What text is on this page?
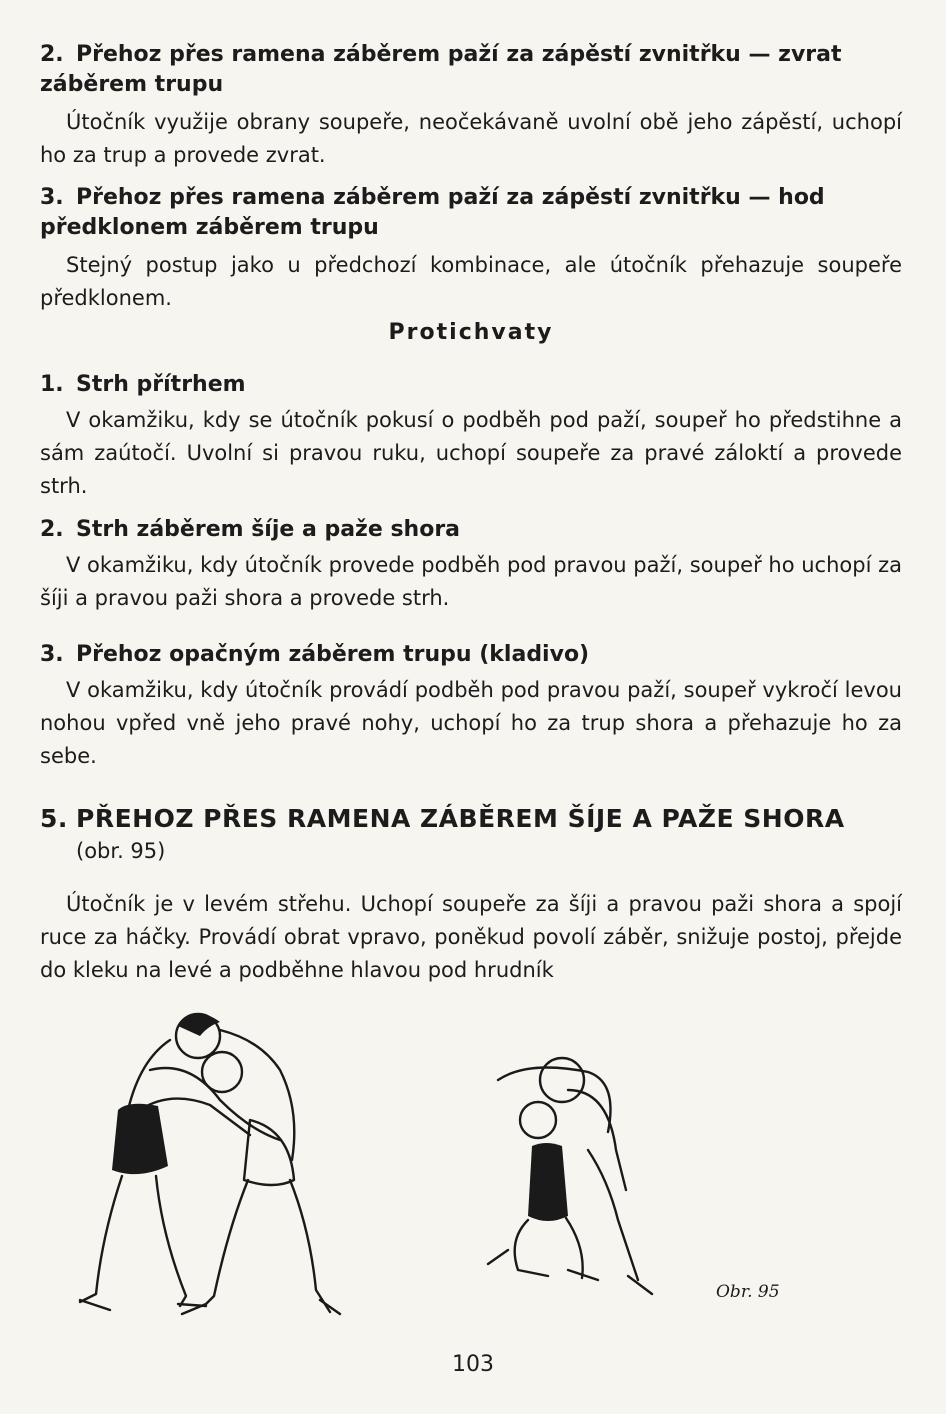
2. Přehoz přes ramena záběrem paží za zápěstí zvnitřku — zvrat
záběrem trupu

Útočník využije obrany soupeře, neočekávaně uvolní obě jeho zápěstí, uchopí ho za trup a provede zvrat.

3. Přehoz přes ramena záběrem paží za zápěstí zvnitřku — hod
předklonem záběrem trupu

Stejný postup jako u předchozí kombinace, ale útočník přehazuje soupeře předklonem.

Protichvaty
1. Strh přítrhem

V okamžiku, kdy se útočník pokusí o podběh pod paží, soupeř ho předstihne a sám zaútočí. Uvolní si pravou ruku, uchopí soupeře za pravé záloktí a provede strh.

2. Strh záběrem šíje a paže shora

V okamžiku, kdy útočník provede podběh pod pravou paží, soupeř ho uchopí za šíji a pravou paži shora a provede strh.

3. Přehoz opačným záběrem trupu (kladivo)

V okamžiku, kdy útočník provádí podběh pod pravou paží, soupeř vykročí levou nohou vpřed vně jeho pravé nohy, uchopí ho za trup shora a přehazuje ho za sebe.

5. PŘEHOZ PŘES RAMENA ZÁBĚREM ŠÍJE A PAŽE SHORA
(obr. 95)

Útočník je v levém střehu. Uchopí soupeře za šíji a pravou paži shora a spojí ruce za háčky. Provádí obrat vpravo, poněkud povolí záběr, snižuje postoj, přejde do kleku na levé a podběhne hlavou pod hrudník

Obr. 95
103
